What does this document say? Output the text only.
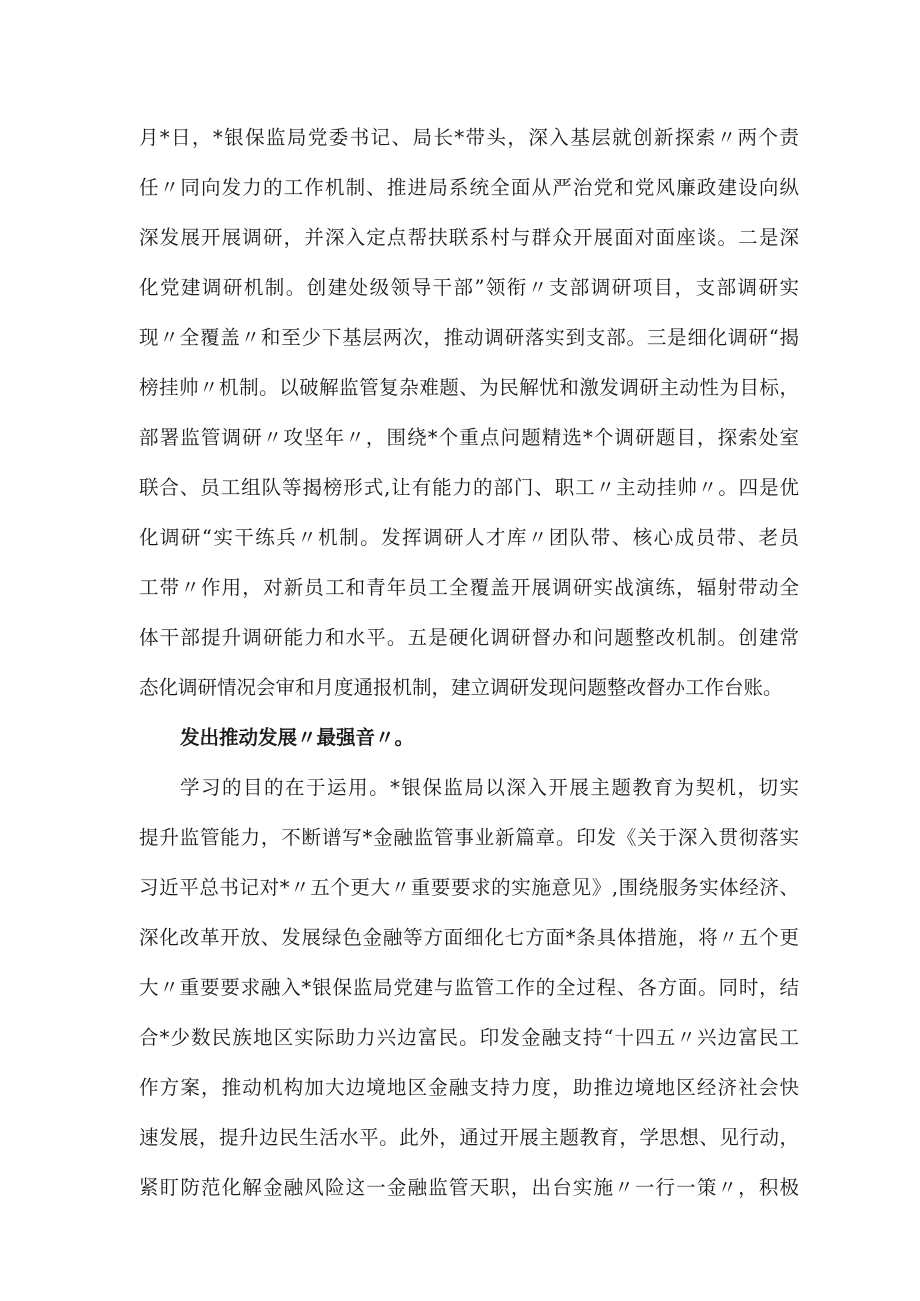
月*日，*银保监局党委书记、局长*带头，深入基层就创新探索〃两个责
任〃同向发力的工作机制、推进局系统全面从严治党和党风廉政建设向纵
深发展开展调研，并深入定点帮扶联系村与群众开展面对面座谈。二是深
化党建调研机制。创建处级领导干部”领衔〃支部调研项目，支部调研实
现〃全覆盖〃和至少下基层两次，推动调研落实到支部。三是细化调研“揭
榜挂帅〃机制。以破解监管复杂难题、为民解忧和激发调研主动性为目标，
部署监管调研〃攻坚年〃，围绕*个重点问题精选*个调研题目，探索处室
联合、员工组队等揭榜形式,让有能力的部门、职工〃主动挂帅〃。四是优
化调研“实干练兵〃机制。发挥调研人才库〃团队带、核心成员带、老员
工带〃作用，对新员工和青年员工全覆盖开展调研实战演练，辐射带动全
体干部提升调研能力和水平。五是硬化调研督办和问题整改机制。创建常
态化调研情况会审和月度通报机制，建立调研发现问题整改督办工作台账。
发出推动发展〃最强音〃。
学习的目的在于运用。*银保监局以深入开展主题教育为契机，切实
提升监管能力，不断谱写*金融监管事业新篇章。印发《关于深入贯彻落实
习近平总书记对*〃五个更大〃重要要求的实施意见》,围绕服务实体经济、
深化改革开放、发展绿色金融等方面细化七方面*条具体措施，将〃五个更
大〃重要要求融入*银保监局党建与监管工作的全过程、各方面。同时，结
合*少数民族地区实际助力兴边富民。印发金融支持“十四五〃兴边富民工
作方案，推动机构加大边境地区金融支持力度，助推边境地区经济社会快
速发展，提升边民生活水平。此外，通过开展主题教育，学思想、见行动，
紧盯防范化解金融风险这一金融监管天职，出台实施〃一行一策〃，积极
